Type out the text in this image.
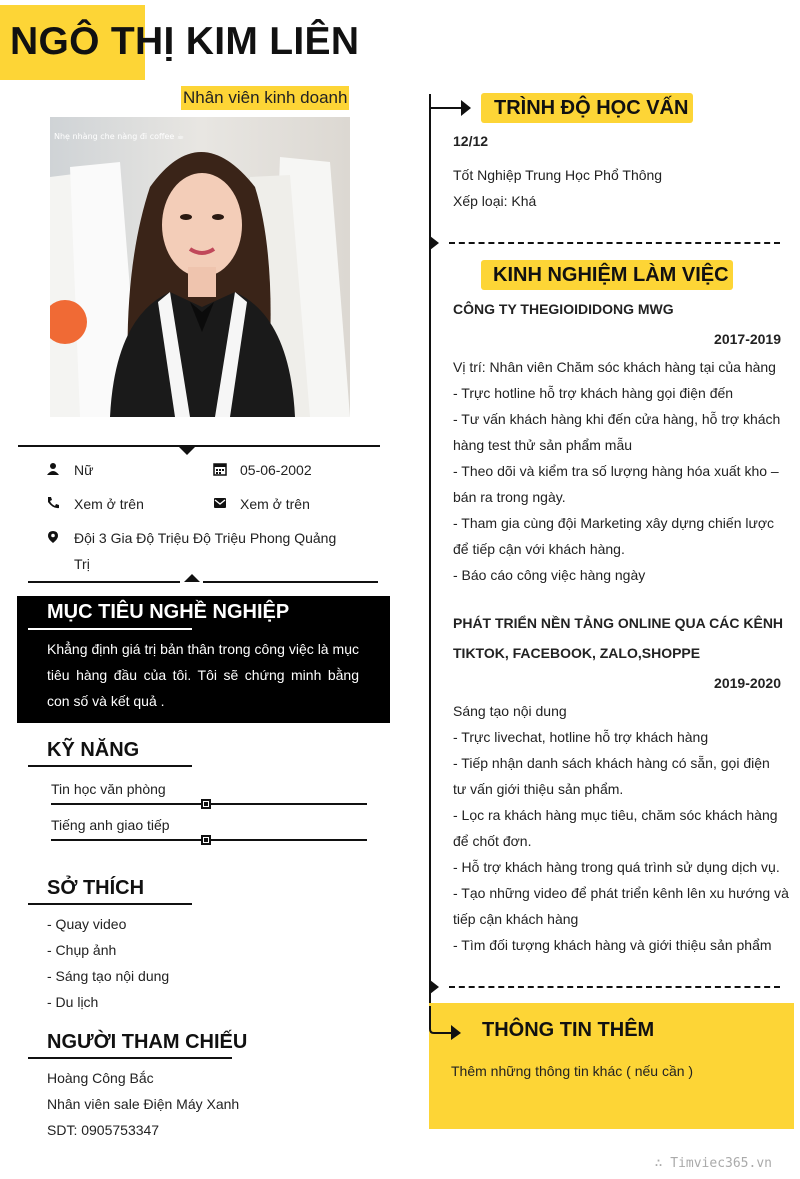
NGÔ THỊ KIM LIÊN
Nhân viên kinh doanh
Nhẹ nhàng che nàng đi coffee ☕
Nữ	05-06-2002
Xem ở trên	Xem ở trên
Đội 3 Gia Độ Triệu Độ Triệu Phong Quảng Trị
MỤC TIÊU NGHỀ NGHIỆP
Khẳng định giá trị bản thân trong công việc là mục tiêu hàng đầu của tôi. Tôi sẽ chứng minh bằng con số và kết quả .
KỸ NĂNG
Tin học văn phòng
Tiếng anh giao tiếp
SỞ THÍCH
- Quay video
- Chụp ảnh
- Sáng tạo nội dung
- Du lịch
NGƯỜI THAM CHIẾU
Hoàng Công Bắc
Nhân viên sale Điện Máy Xanh
SDT: 0905753347
TRÌNH ĐỘ HỌC VẤN
12/12
Tốt Nghiệp Trung Học Phổ Thông
Xếp loại: Khá
KINH NGHIỆM LÀM VIỆC
CÔNG TY THEGIOIDIDONG MWG
2017-2019
Vị trí: Nhân viên Chăm sóc khách hàng tại của hàng
- Trực hotline hỗ trợ khách hàng gọi điện đến
- Tư vấn khách hàng khi đến cửa hàng, hỗ trợ khách
hàng test thử sản phẩm mẫu
- Theo dõi và kiểm tra số lượng hàng hóa xuất kho –
bán ra trong ngày.
- Tham gia cùng đội Marketing xây dựng chiến lược
để tiếp cận với khách hàng.
- Báo cáo công việc hàng ngày
PHÁT TRIỂN NỀN TẢNG ONLINE QUA CÁC KÊNH
TIKTOK, FACEBOOK, ZALO,SHOPPE
2019-2020
Sáng tạo nội dung
- Trực livechat, hotline hỗ trợ khách hàng
- Tiếp nhận danh sách khách hàng có sẵn, gọi điện
tư vấn giới thiệu sản phẩm.
- Lọc ra khách hàng mục tiêu, chăm sóc khách hàng
để chốt đơn.
- Hỗ trợ khách hàng trong quá trình sử dụng dịch vụ.
- Tạo những video để phát triển kênh lên xu hướng và
tiếp cận khách hàng
- Tìm đối tượng khách hàng và giới thiệu sản phẩm
THÔNG TIN THÊM
Thêm những thông tin khác ( nếu cần )
∴ Timviec365.vn
